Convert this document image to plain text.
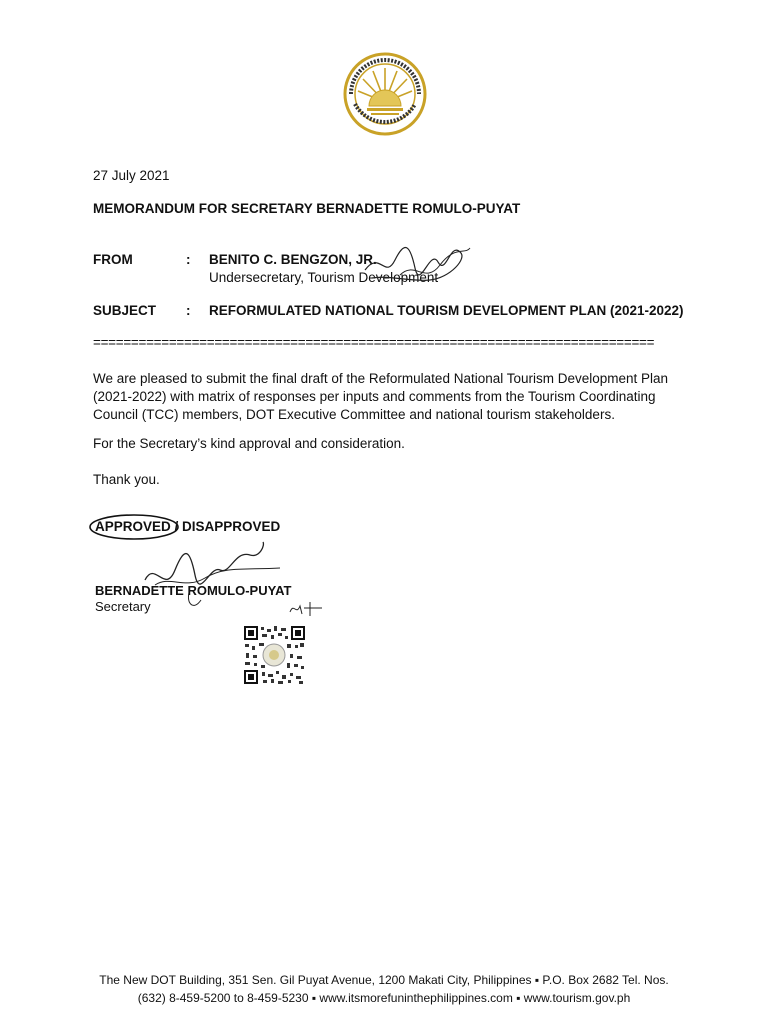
27 July 2021
MEMORANDUM FOR SECRETARY BERNADETTE ROMULO-PUYAT
FROM	: BENITO C. BENGZON, JR.
Undersecretary, Tourism Development
SUBJECT : REFORMULATED NATIONAL TOURISM DEVELOPMENT PLAN (2021-2022)
==========================================================================
We are pleased to submit the final draft of the Reformulated National Tourism Development Plan (2021-2022) with matrix of responses per inputs and comments from the Tourism Coordinating Council (TCC) members, DOT Executive Committee and national tourism stakeholders.
For the Secretary’s kind approval and consideration.
Thank you.
APPROVED / DISAPPROVED
BERNADETTE ROMULO-PUYAT
Secretary
The New DOT Building, 351 Sen. Gil Puyat Avenue, 1200 Makati City, Philippines ▪ P.O. Box 2682 Tel. Nos.
(632) 8-459-5200 to 8-459-5230 ▪ www.itsmorefuninthephilippines.com ▪ www.tourism.gov.ph
